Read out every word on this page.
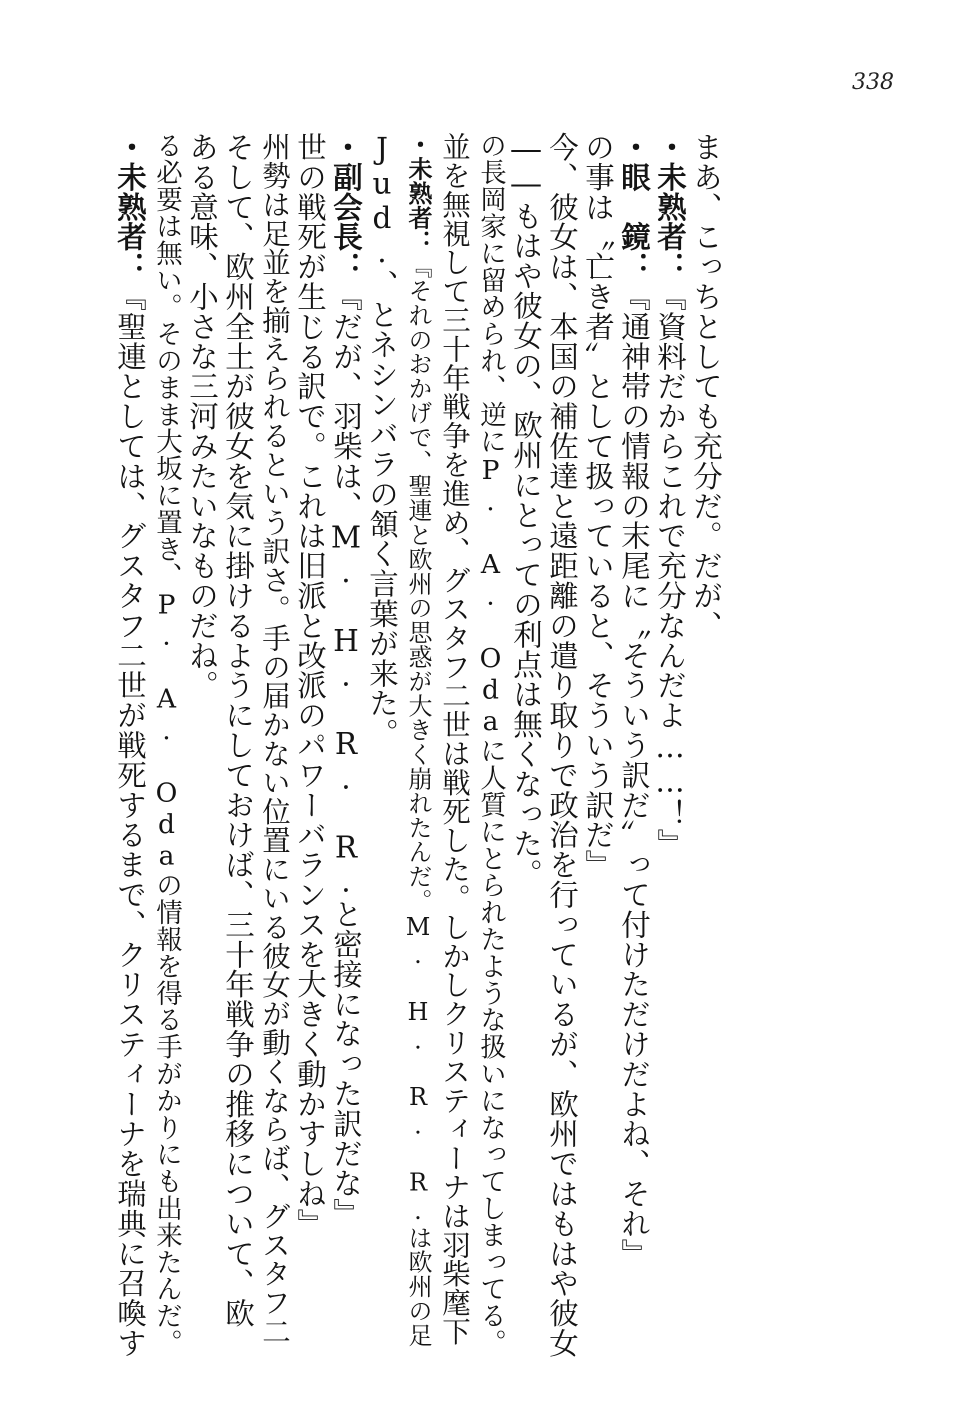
338
・未熟者：『聖連としては、グスタフ二世が戦死するまで、クリスティーナを瑞典に召喚す る必要は無い。そのまま大坂に置き、P. A. Odaの情報を得る手がかりにも出来たんだ。 ある意味、小さな三河みたいなものだね。 そして、欧州全土が彼女を気に掛けるようにしておけば、三十年戦争の推移について、欧 州勢は足並を揃えられるという訳さ。手の届かない位置にいる彼女が動くならば、グスタフ二 世の戦死が生じる訳で。これは旧派と改派のパワーバランスを大きく動かすしね』 ・副会長：『だが、羽柴は、M. H. R. R.と密接になった訳だな』 Jud.、とネシンバラの頷く言葉が来た。 ・未熟者：『それのおかげで、聖連と欧州の思惑が大きく崩れたんだ。M. H. R. R.は欧州の足 並を無視して三十年戦争を進め、グスタフ二世は戦死した。しかしクリスティーナは羽柴麾下 の長岡家に留められ、逆にP. A. Odaに人質にとられたような扱いになってしまってる。 ――もはや彼女の、欧州にとっての利点は無くなった。 今、彼女は、本国の補佐達と遠距離の遣り取りで政治を行っているが、欧州ではもはや彼女 の事は〝亡き者〟として扱っていると、そういう訳だ』 ・眼　鏡：『通神帯の情報の末尾に〝そういう訳だ〟って付けただけだよね、それ』
・未熟者：『資料だからこれで充分なんだよ……！』 まあ、こっちとしても充分だ。だが、
